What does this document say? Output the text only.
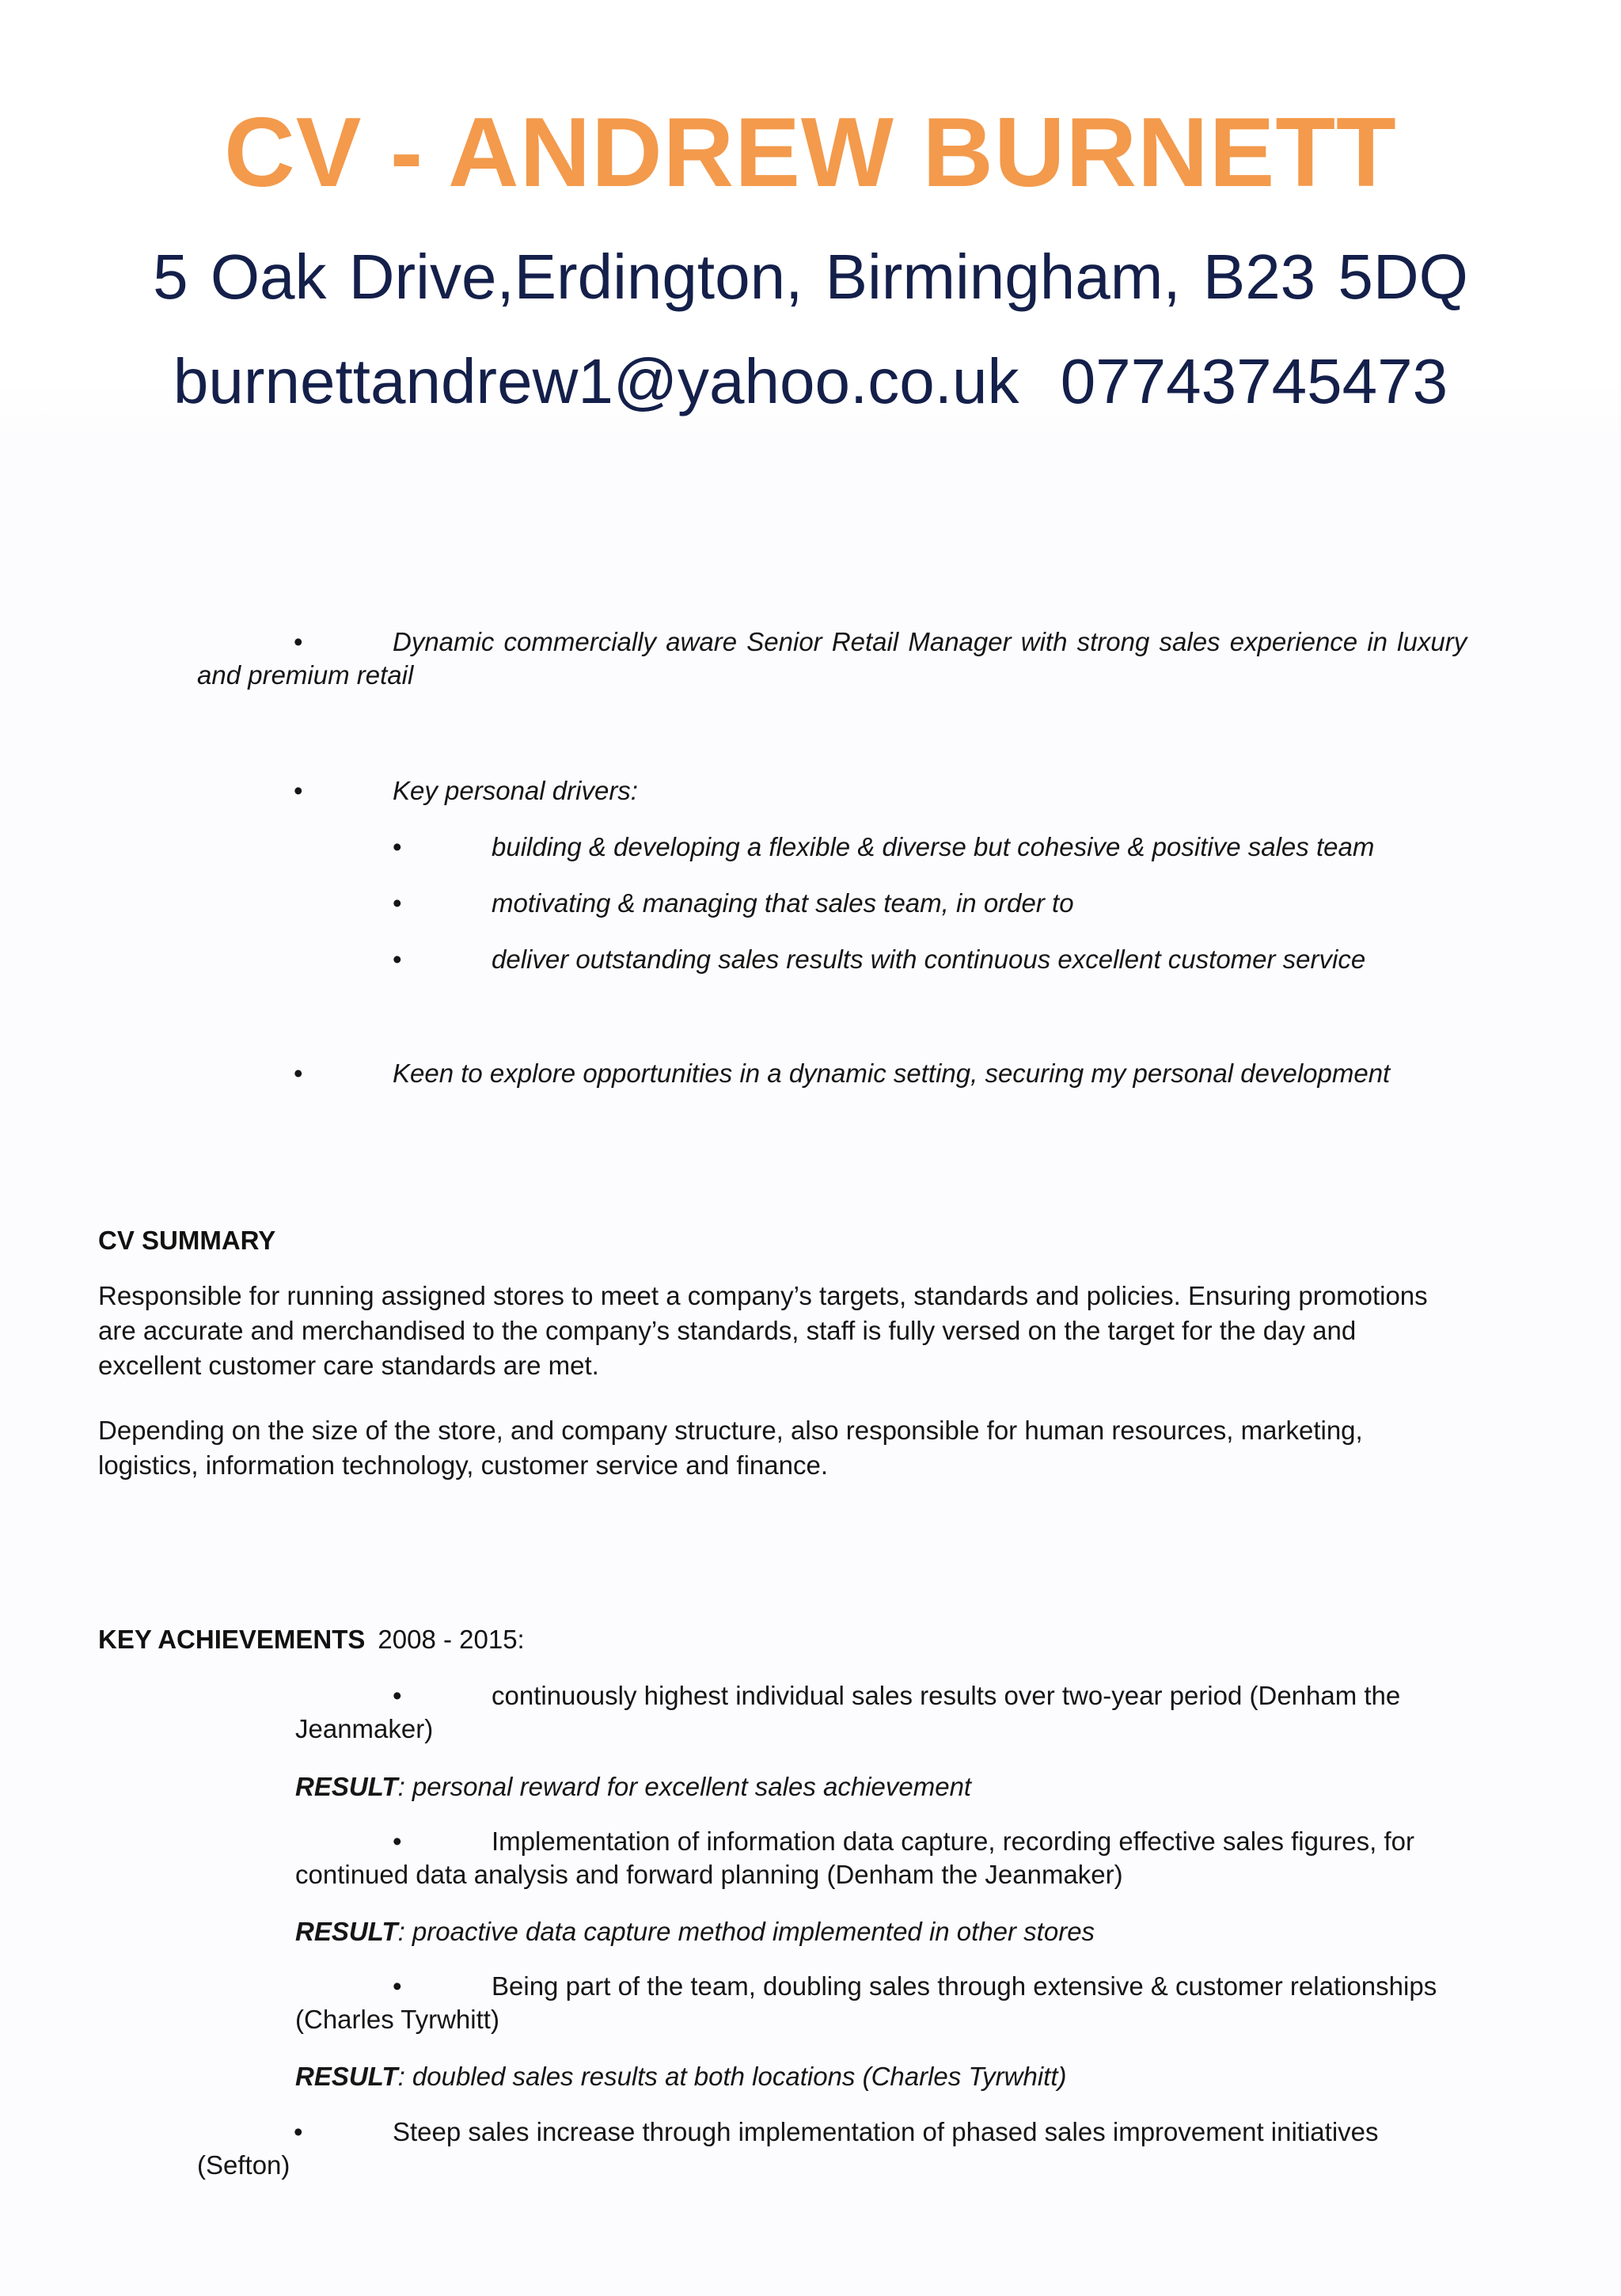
CV - ANDREW BURNETT
5 Oak Drive,Erdington, Birmingham, B23 5DQ
burnettandrew1@yahoo.co.uk 07743745473
•	Dynamic commercially aware Senior Retail Manager with strong sales experience in luxury
and premium retail
•	Key personal drivers:
•	building & developing a flexible & diverse but cohesive & positive sales team
•	motivating & managing that sales team, in order to
•	deliver outstanding sales results with continuous excellent customer service
•	Keen to explore opportunities in a dynamic setting, securing my personal development
CV SUMMARY
Responsible for running assigned stores to meet a company’s targets, standards and policies. Ensuring promotions
are accurate and merchandised to the company’s standards, staff is fully versed on the target for the day and
excellent customer care standards are met.
Depending on the size of the store, and company structure, also responsible for human resources, marketing,
logistics, information technology, customer service and finance.
KEY ACHIEVEMENTS 2008 - 2015:
•	continuously highest individual sales results over two-year period (Denham the
Jeanmaker)
RESULT: personal reward for excellent sales achievement
•	Implementation of information data capture, recording effective sales figures, for
continued data analysis and forward planning (Denham the Jeanmaker)
RESULT: proactive data capture method implemented in other stores
•	Being part of the team, doubling sales through extensive & customer relationships
(Charles Tyrwhitt)
RESULT: doubled sales results at both locations (Charles Tyrwhitt)
•	Steep sales increase through implementation of phased sales improvement initiatives
(Sefton)
